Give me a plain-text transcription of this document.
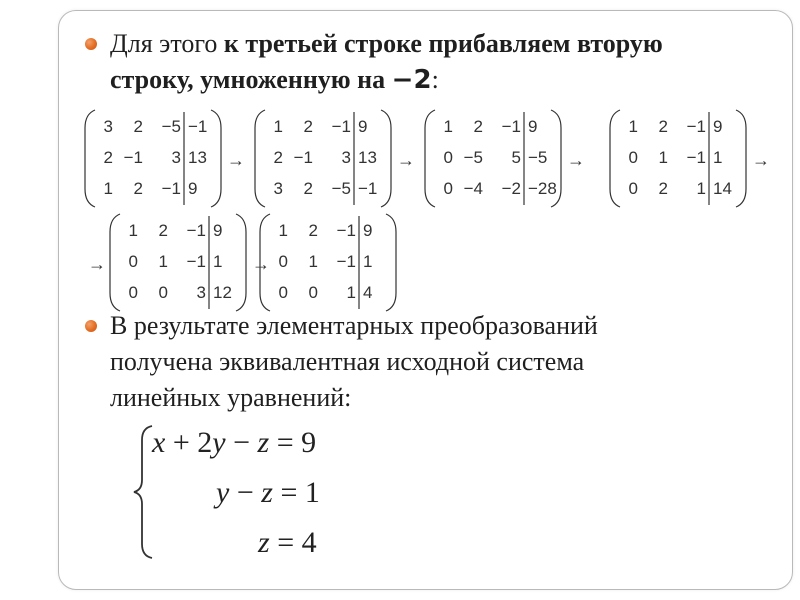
Для этого к третьей строке прибавляем вторую
строку, умноженную на −2:
3 2 −5 −1
2 −1 3 13
1 2 −1 9
1 2 −1 9
2 −1 3 13
3 2 −5 −1
1 2 −1 9
0 −5 5 −5
0 −4 −2 −28
1 2 −1 9
0 1 −1 1
0 2 1 14
→	→	→	→
→
1 2 −1 9
0 1 −1 1
0 0 3 12
1 2 −1 9
0 1 −1 1
0 0 1 4
→
В результате элементарных преобразований
получена эквивалентная исходной система
линейных уравнений:
x + 2y − z = 9
y − z = 1
z = 4
